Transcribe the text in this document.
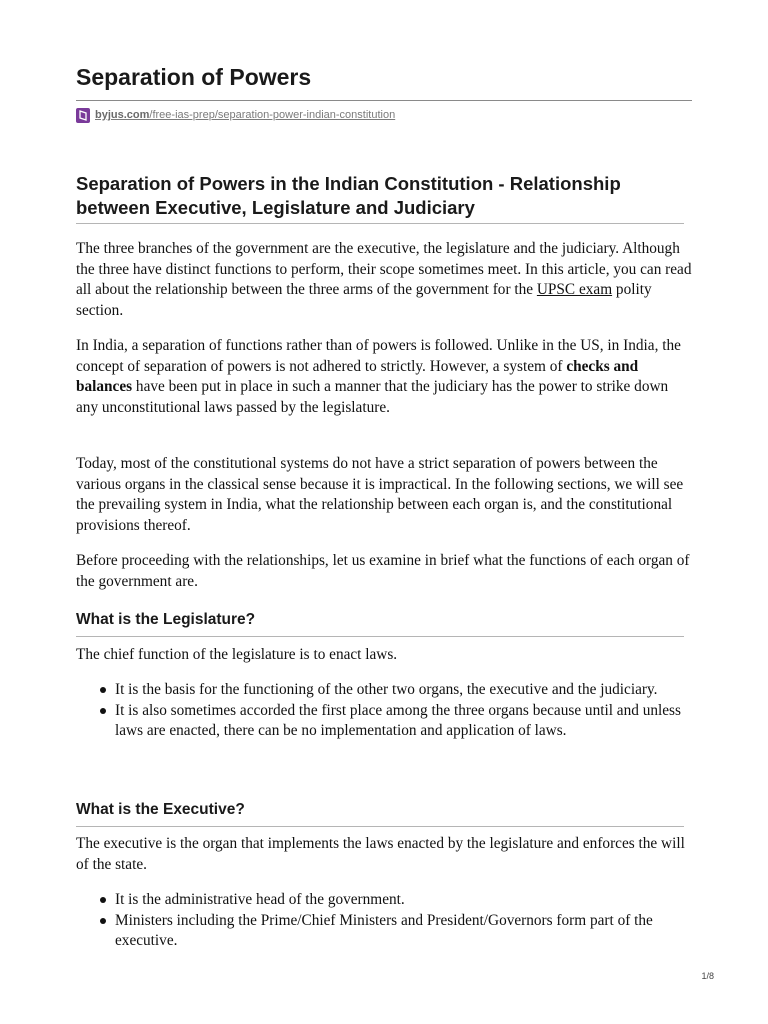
Separation of Powers
byjus.com/free-ias-prep/separation-power-indian-constitution
Separation of Powers in the Indian Constitution - Relationship between Executive, Legislature and Judiciary

The three branches of the government are the executive, the legislature and the judiciary. Although the three have distinct functions to perform, their scope sometimes meet. In this article, you can read all about the relationship between the three arms of the government for the UPSC exam polity section.

In India, a separation of functions rather than of powers is followed. Unlike in the US, in India, the concept of separation of powers is not adhered to strictly. However, a system of checks and balances have been put in place in such a manner that the judiciary has the power to strike down any unconstitutional laws passed by the legislature.

Today, most of the constitutional systems do not have a strict separation of powers between the various organs in the classical sense because it is impractical. In the following sections, we will see the prevailing system in India, what the relationship between each organ is, and the constitutional provisions thereof.

Before proceeding with the relationships, let us examine in brief what the functions of each organ of the government are.

What is the Legislature?

The chief function of the legislature is to enact laws.

It is the basis for the functioning of the other two organs, the executive and the judiciary.
It is also sometimes accorded the first place among the three organs because until and unless laws are enacted, there can be no implementation and application of laws.
What is the Executive?

The executive is the organ that implements the laws enacted by the legislature and enforces the will of the state.

It is the administrative head of the government.
Ministers including the Prime/Chief Ministers and President/Governors form part of the executive.
1/8
